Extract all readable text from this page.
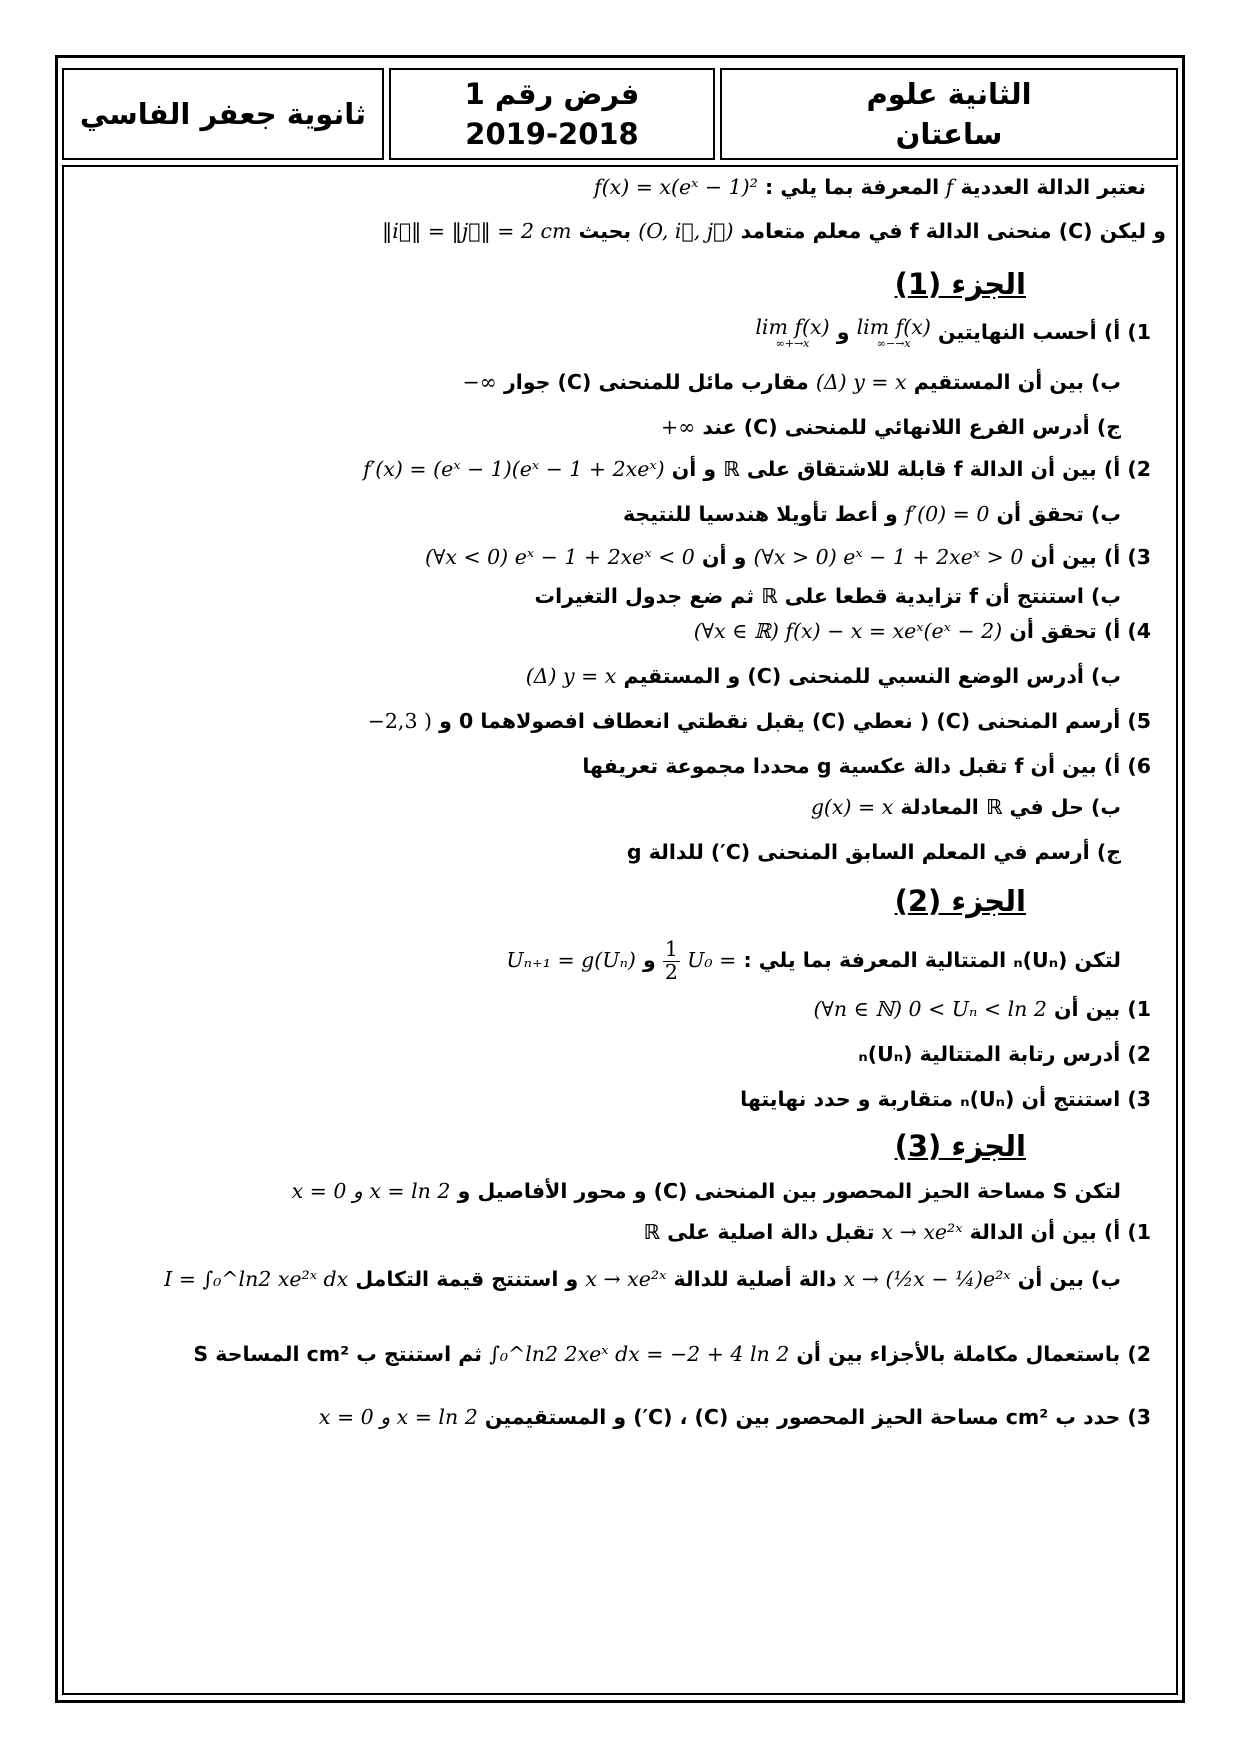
ثانوية جعفر الفاسي
فرض رقم 1
2019-2018
الثانية علوم
ساعتان
نعتبر الدالة العددية f المعرفة بما يلي : f(x) = x(eˣ − 1)²
و ليكن (C) منحنى الدالة f في معلم متعامد (O, i⃗, j⃗) بحيث ‖i⃗‖ = ‖j⃗‖ = 2 cm
الجزء (1)
1) أ) أحسب النهايتين lim f(x)
x→−∞
و lim f(x)
x→+∞
ب) بين أن المستقيم (Δ) y = x مقارب مائل للمنحنى (C) جوار −∞
ج) أدرس الفرع اللانهائي للمنحنى (C) عند +∞
2) أ) بين أن الدالة f قابلة للاشتقاق على ℝ و أن f′(x) = (eˣ − 1)(eˣ − 1 + 2xeˣ)
ب) تحقق أن f′(0) = 0 و أعط تأويلا هندسيا للنتيجة
3) أ) بين أن (∀x > 0) eˣ − 1 + 2xeˣ > 0 و أن (∀x < 0) eˣ − 1 + 2xeˣ < 0
ب) استنتج أن f تزايدية قطعا على ℝ ثم ضع جدول التغيرات
4) أ) تحقق أن (∀x ∈ ℝ) f(x) − x = xeˣ(eˣ − 2)
ب) أدرس الوضع النسبي للمنحنى (C) و المستقيم (Δ) y = x
5) أرسم المنحنى (C) ( نعطي (C) يقبل نقطتي انعطاف افصولاهما 0 و −2,3 )
6) أ) بين أن f تقبل دالة عكسية g محددا مجموعة تعريفها
ب) حل في ℝ المعادلة g(x) = x
ج) أرسم في المعلم السابق المنحنى (C′) للدالة g
الجزء (2)
لتكن (Uₙ)ₙ المتتالية المعرفة بما يلي : U₀ =
$\frac{1}{2}$
و Uₙ₊₁ = g(Uₙ)
1) بين أن (∀n ∈ ℕ) 0 < Uₙ < ln 2
2) أدرس رتابة المتتالية (Uₙ)ₙ
3) استنتج أن (Uₙ)ₙ متقاربة و حدد نهايتها
الجزء (3)
لتكن S مساحة الحيز المحصور بين المنحنى (C) و محور الأفاصيل و x = 0 و x = ln 2
1) أ) بين أن الدالة x → xe²ˣ تقبل دالة اصلية على ℝ
ب) بين أن x → (½x − ¼)e²ˣ دالة أصلية للدالة x → xe²ˣ و استنتج قيمة التكامل I = ∫₀^ln2 xe²ˣ dx
2) باستعمال مكاملة بالأجزاء بين أن ∫₀^ln2 2xeˣ dx = −2 + 4 ln 2 ثم استنتج ب cm² المساحة S
3) حدد ب cm² مساحة الحيز المحصور بين (C) ، (C′) و المستقيمين x = 0 و x = ln 2
